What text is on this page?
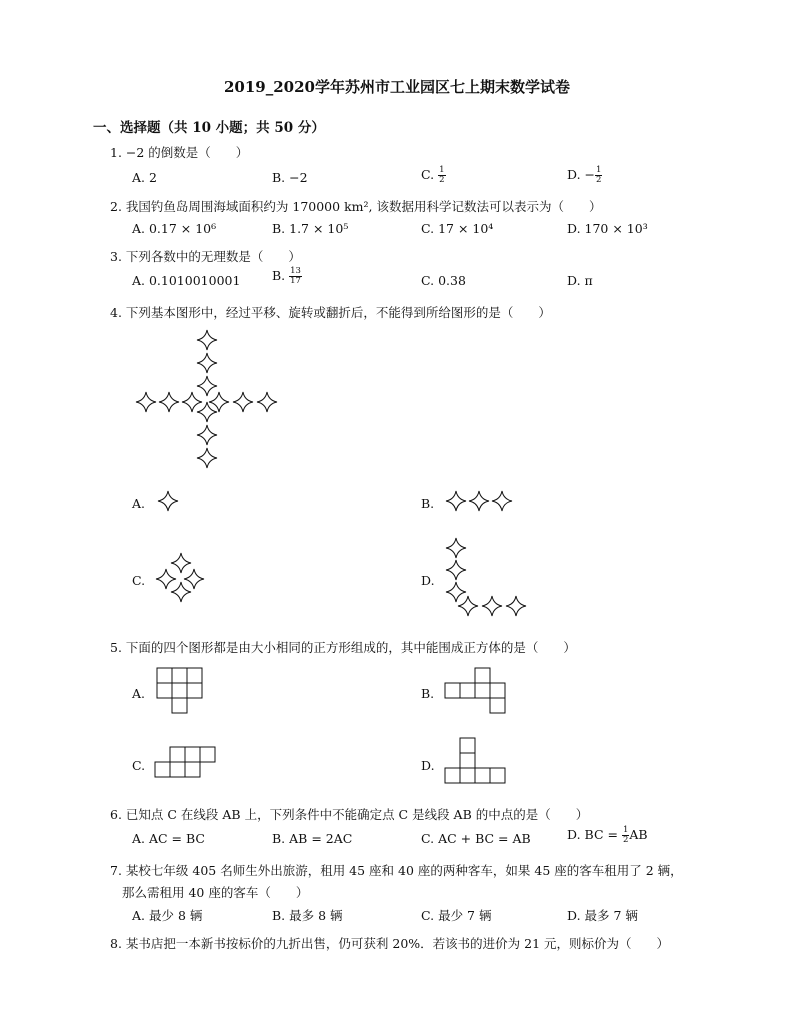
2019_2020学年苏州市工业园区七上期末数学试卷
一、选择题（共 10 小题；共 50 分）
1. −2 的倒数是（　　）
A. 2	B. −2	C. $\frac{1}{2}$	D. − $\frac{1}{2}$
2. 我国钓鱼岛周围海域面积约为 170000 km², 该数据用科学记数法可以表示为（　　）
A. 0.17 × 10⁶	B. 1.7 × 10⁵	C. 17 × 10⁴	D. 170 × 10³
3. 下列各数中的无理数是（　　）
A. 0.1010010001	B. $\frac{13}{17}$	C. 0.38	D. π
4. 下列基本图形中，经过平移、旋转或翻折后，不能得到所给图形的是（　　）
A.	B.
C.	D.
5. 下面的四个图形都是由大小相同的正方形组成的，其中能围成正方体的是（　　）
A.	B.
C.	D.
6. 已知点 C 在线段 AB 上，下列条件中不能确定点 C 是线段 AB 的中点的是（　　）
A. AC = BC	B. AB = 2AC	C. AC + BC = AB	D. BC = $\frac{1}{2}$ AB
7. 某校七年级 405 名师生外出旅游，租用 45 座和 40 座的两种客车，如果 45 座的客车租用了 2 辆，
那么需租用 40 座的客车（　　）
A. 最少 8 辆	B. 最多 8 辆	C. 最少 7 辆	D. 最多 7 辆
8. 某书店把一本新书按标价的九折出售，仍可获利 20%．若该书的进价为 21 元，则标价为（　　）
